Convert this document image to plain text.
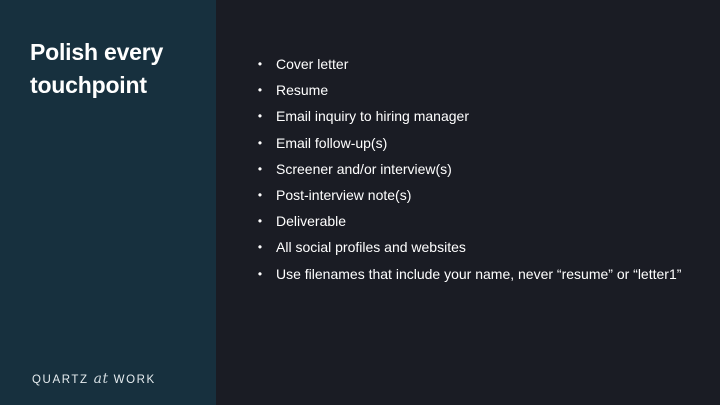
Polish every touchpoint
QUARTZ at WORK
• Cover letter
• Resume
• Email inquiry to hiring manager
• Email follow-up(s)
• Screener and/or interview(s)
• Post-interview note(s)
• Deliverable
• All social profiles and websites
• Use filenames that include your name, never “resume” or “letter1”
